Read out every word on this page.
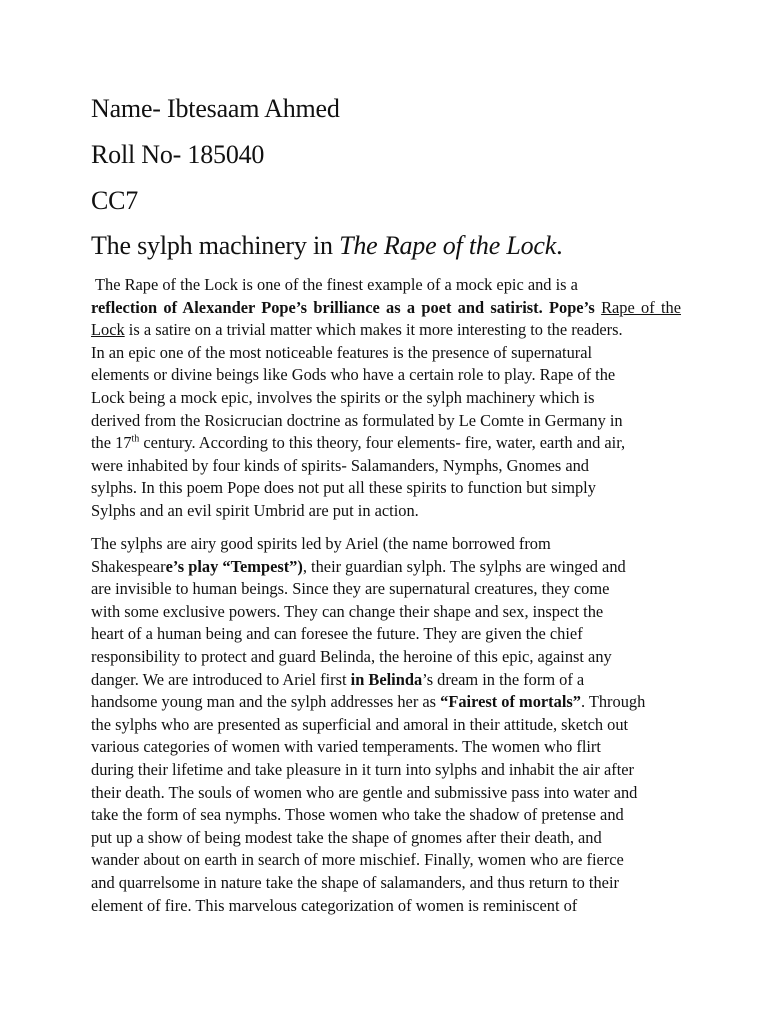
Name- Ibtesaam Ahmed
Roll No- 185040
CC7
The sylph machinery in The Rape of the Lock.
The Rape of the Lock is one of the finest example of a mock epic and is a
reflection of Alexander Pope’s brilliance as a poet and satirist. Pope’s Rape of the
Lock is a satire on a trivial matter which makes it more interesting to the readers.
In an epic one of the most noticeable features is the presence of supernatural
elements or divine beings like Gods who have a certain role to play. Rape of the
Lock being a mock epic, involves the spirits or the sylph machinery which is
derived from the Rosicrucian doctrine as formulated by Le Comte in Germany in
the 17th century. According to this theory, four elements- fire, water, earth and air,
were inhabited by four kinds of spirits- Salamanders, Nymphs, Gnomes and
sylphs. In this poem Pope does not put all these spirits to function but simply
Sylphs and an evil spirit Umbrid are put in action.
The sylphs are airy good spirits led by Ariel (the name borrowed from
Shakespeare’s play “Tempest”), their guardian sylph. The sylphs are winged and
are invisible to human beings. Since they are supernatural creatures, they come
with some exclusive powers. They can change their shape and sex, inspect the
heart of a human being and can foresee the future. They are given the chief
responsibility to protect and guard Belinda, the heroine of this epic, against any
danger. We are introduced to Ariel first in Belinda’s dream in the form of a
handsome young man and the sylph addresses her as “Fairest of mortals”. Through
the sylphs who are presented as superficial and amoral in their attitude, sketch out
various categories of women with varied temperaments. The women who flirt
during their lifetime and take pleasure in it turn into sylphs and inhabit the air after
their death. The souls of women who are gentle and submissive pass into water and
take the form of sea nymphs. Those women who take the shadow of pretense and
put up a show of being modest take the shape of gnomes after their death, and
wander about on earth in search of more mischief. Finally, women who are fierce
and quarrelsome in nature take the shape of salamanders, and thus return to their
element of fire. This marvelous categorization of women is reminiscent of
